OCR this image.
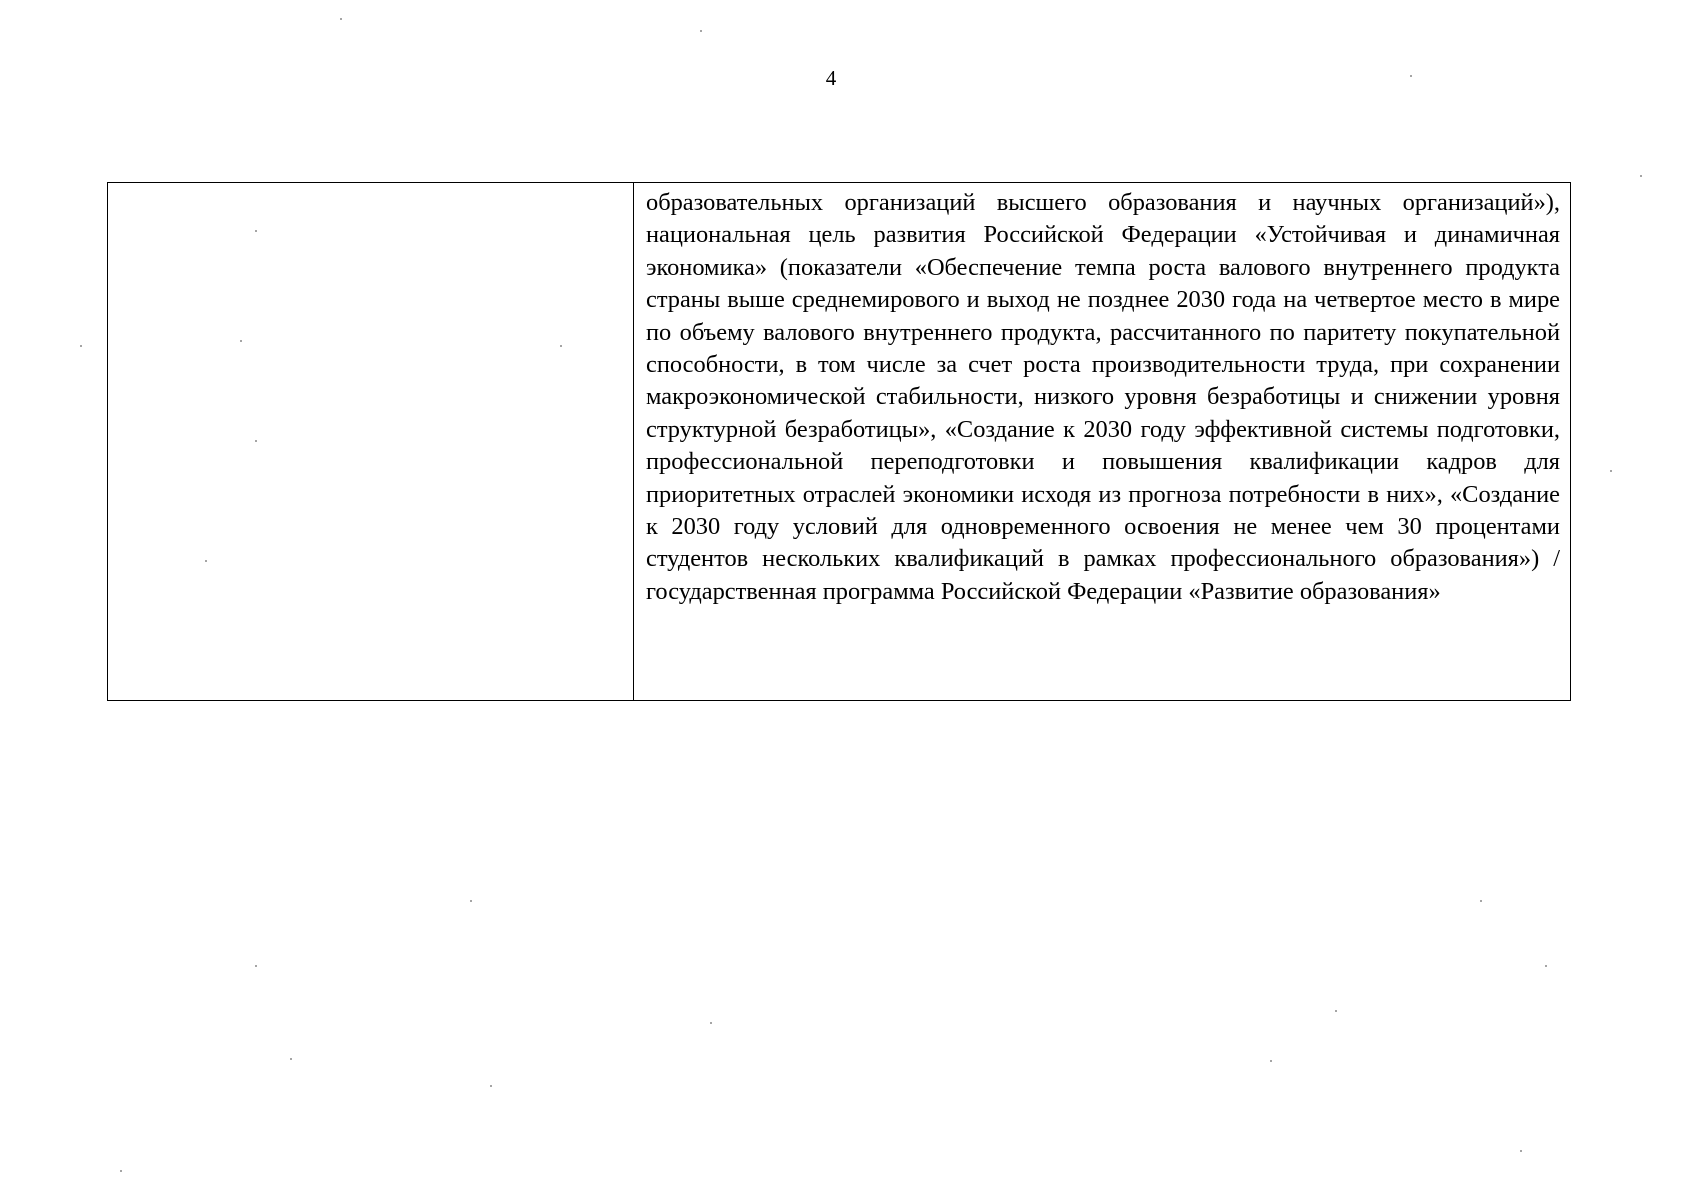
4

образовательных организаций высшего образования и научных организаций»), национальная цель развития Российской Федерации «Устойчивая и динамичная экономика» (показатели «Обеспечение темпа роста валового внутреннего продукта страны выше среднемирового и выход не позднее 2030 года на четвертое место в мире по объему валового внутреннего продукта, рассчитанного по паритету покупательной способности, в том числе за счет роста производительности труда, при сохранении макроэкономической стабильности, низкого уровня безработицы и снижении уровня структурной безработицы», «Создание к 2030 году эффективной системы подготовки, профессиональной переподготовки и повышения квалификации кадров для приоритетных отраслей экономики исходя из прогноза потребности в них», «Создание к 2030 году условий для одновременного освоения не менее чем 30 процентами студентов нескольких квалификаций в рамках профессионального образования») / государственная программа Российской Федерации «Развитие образования»
